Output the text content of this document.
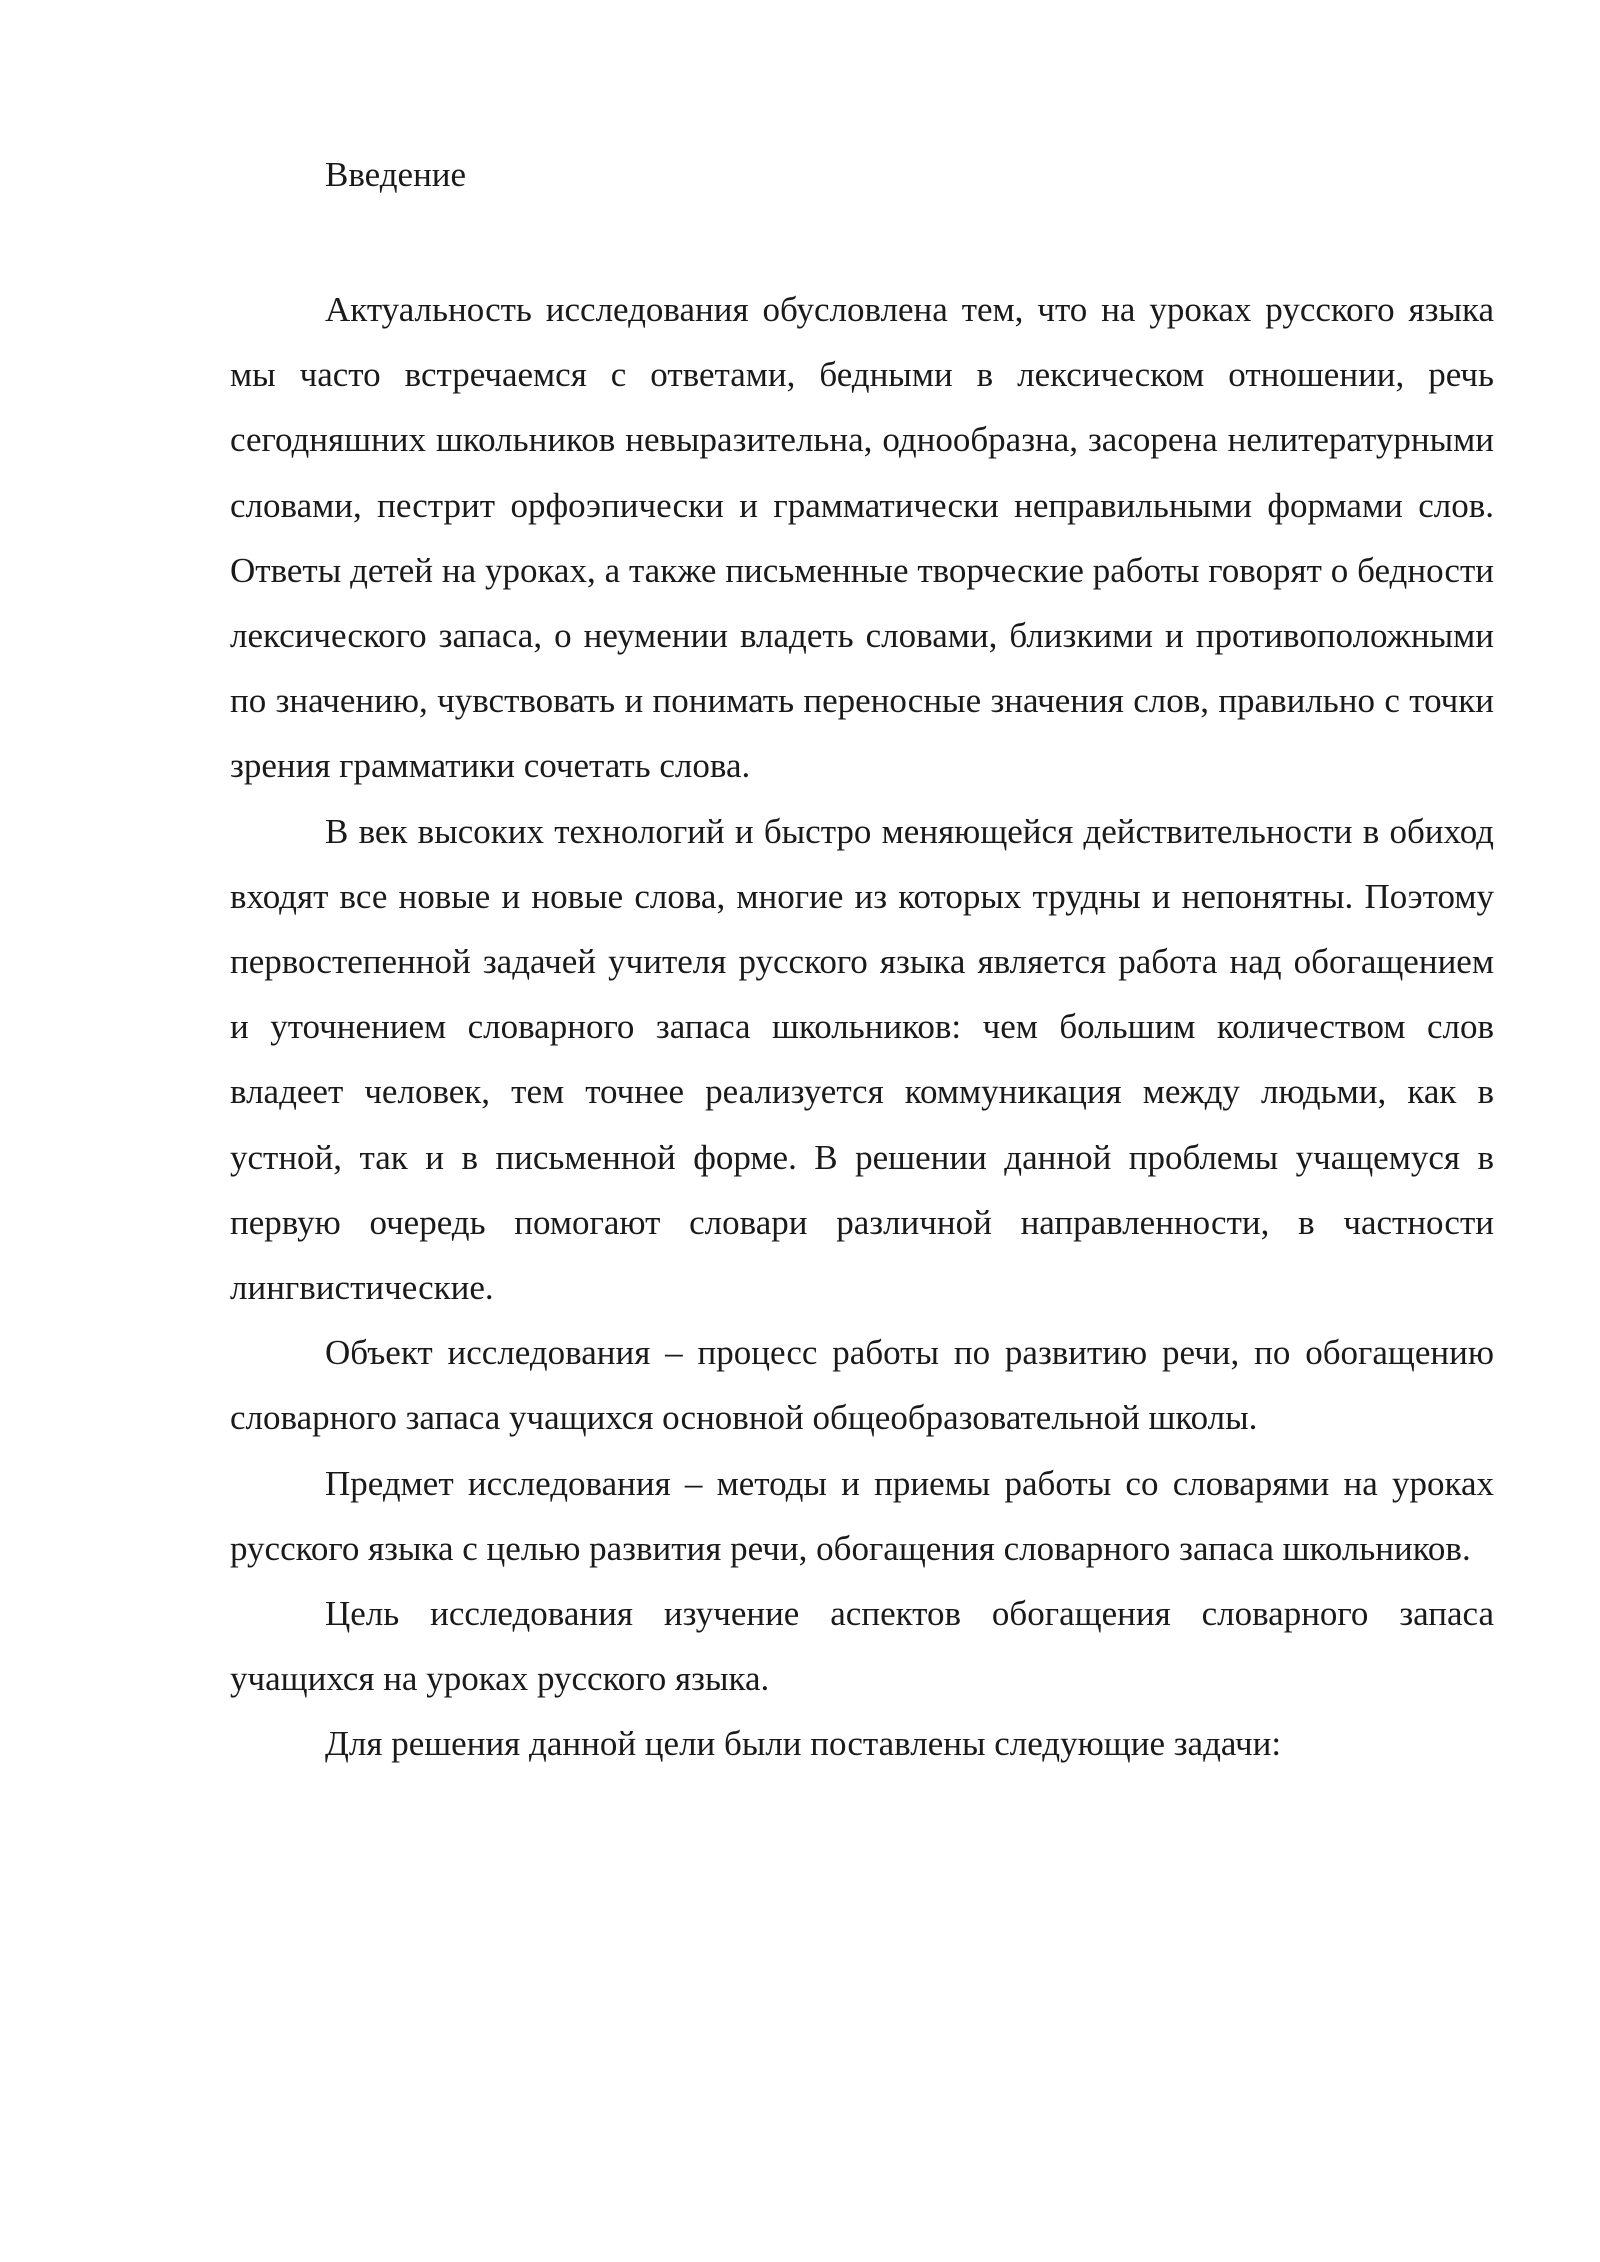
Введение

Актуальность исследования обусловлена тем, что на уроках русского языка мы часто встречаемся с ответами, бедными в лексическом отношении, речь сегодняшних школьников невыразительна, однообразна, засорена нелитературными словами, пестрит орфоэпически и грамматически неправильными формами слов. Ответы детей на уроках, а также письменные творческие работы говорят о бедности лексического запаса, о неумении владеть словами, близкими и противоположными по значению, чувствовать и понимать переносные значения слов, правильно с точки зрения грамматики сочетать слова.

В век высоких технологий и быстро меняющейся действительности в обиход входят все новые и новые слова, многие из которых трудны и непонятны. Поэтому первостепенной задачей учителя русского языка является работа над обогащением и уточнением словарного запаса школьников: чем большим количеством слов владеет человек, тем точнее реализуется коммуникация между людьми, как в устной, так и в письменной форме. В решении данной проблемы учащемуся в первую очередь помогают словари различной направленности, в частности лингвистические.

Объект исследования – процесс работы по развитию речи, по обогащению словарного запаса учащихся основной общеобразовательной школы.

Предмет исследования – методы и приемы работы со словарями на уроках русского языка с целью развития речи, обогащения словарного запаса школьников.

Цель исследования изучение аспектов обогащения словарного запаса учащихся на уроках русского языка.

Для решения данной цели были поставлены следующие задачи:
